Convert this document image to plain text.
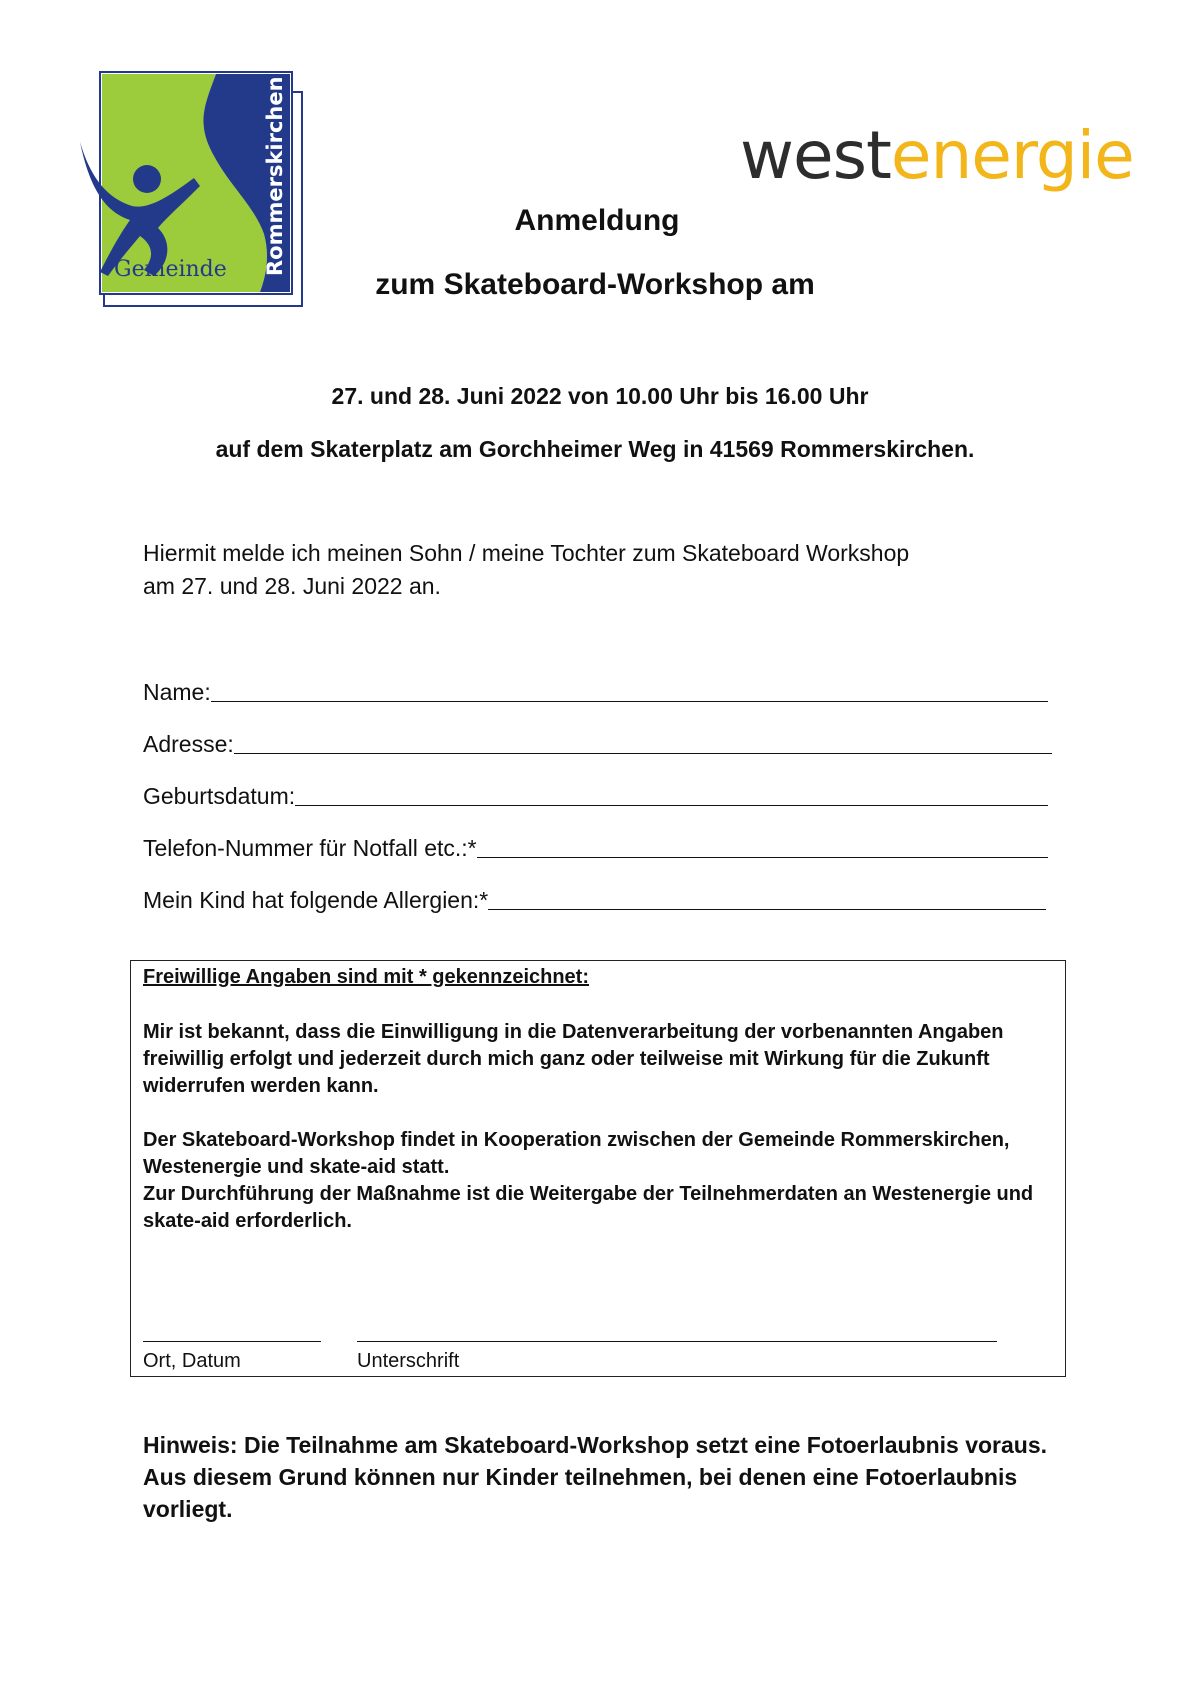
Gemeinde Rommerskirchen	westenergie
Anmeldung
zum Skateboard-Workshop am
27. und 28. Juni 2022 von 10.00 Uhr bis 16.00 Uhr
auf dem Skaterplatz am Gorchheimer Weg in 41569 Rommerskirchen.
Hiermit melde ich meinen Sohn / meine Tochter zum Skateboard Workshop
am 27. und 28. Juni 2022 an.
Name:
Adresse:
Geburtsdatum:
Telefon-Nummer für Notfall etc.:*
Mein Kind hat folgende Allergien:*
Freiwillige Angaben sind mit * gekennzeichnet:
Mir ist bekannt, dass die Einwilligung in die Datenverarbeitung der vorbenannten Angaben freiwillig erfolgt und jederzeit durch mich ganz oder teilweise mit Wirkung für die Zukunft widerrufen werden kann.
Der Skateboard-Workshop findet in Kooperation zwischen der Gemeinde Rommerskirchen, Westenergie und skate-aid statt.
Zur Durchführung der Maßnahme ist die Weitergabe der Teilnehmerdaten an Westenergie und skate-aid erforderlich.
Ort, Datum	Unterschrift
Hinweis: Die Teilnahme am Skateboard-Workshop setzt eine Fotoerlaubnis voraus. Aus diesem Grund können nur Kinder teilnehmen, bei denen eine Fotoerlaubnis vorliegt.
